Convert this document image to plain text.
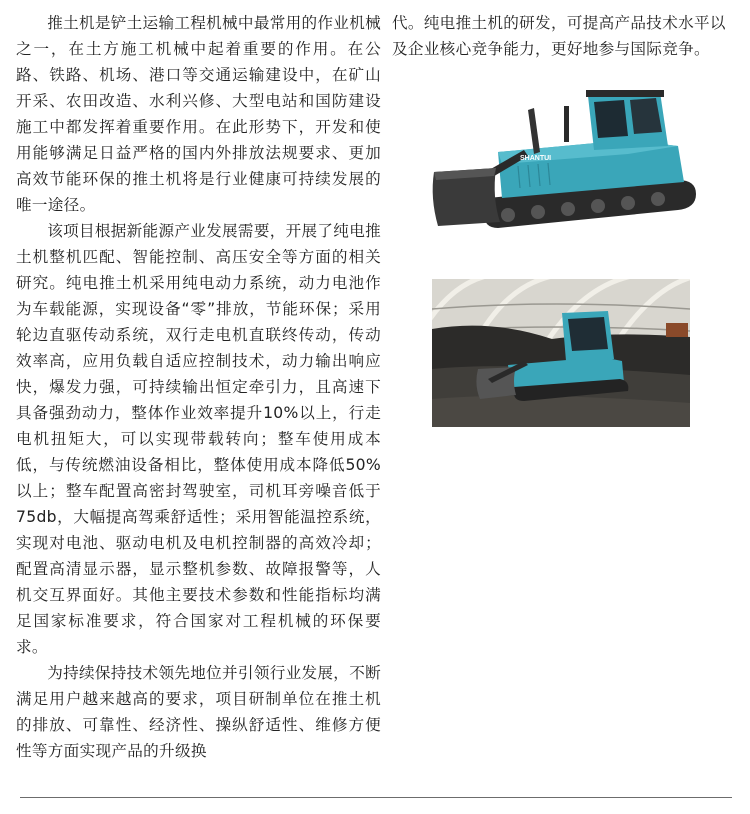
推土机是铲土运输工程机械中最常用的作业机械之一，在土方施工机械中起着重要的作用。在公路、铁路、机场、港口等交通运输建设中，在矿山开采、农田改造、水利兴修、大型电站和国防建设施工中都发挥着重要作用。在此形势下，开发和使用能够满足日益严格的国内外排放法规要求、更加高效节能环保的推土机将是行业健康可持续发展的唯一途径。

该项目根据新能源产业发展需要，开展了纯电推土机整机匹配、智能控制、高压安全等方面的相关研究。纯电推土机采用纯电动力系统，动力电池作为车载能源，实现设备“零”排放，节能环保；采用轮边直驱传动系统，双行走电机直联终传动，传动效率高，应用负载自适应控制技术，动力输出响应快，爆发力强，可持续输出恒定牵引力，且高速下具备强劲动力，整体作业效率提升10%以上，行走电机扭矩大，可以实现带载转向；整车使用成本低，与传统燃油设备相比，整体使用成本降低50%以上；整车配置高密封驾驶室，司机耳旁噪音低于75db，大幅提高驾乘舒适性；采用智能温控系统，实现对电池、驱动电机及电机控制器的高效冷却；配置高清显示器，显示整机参数、故障报警等，人机交互界面好。其他主要技术参数和性能指标均满足国家标准要求，符合国家对工程机械的环保要求。

为持续保持技术领先地位并引领行业发展，不断满足用户越来越高的要求，项目研制单位在推土机的排放、可靠性、经济性、操纵舒适性、维修方便性等方面实现产品的升级换

代。纯电推土机的研发，可提高产品技术水平以及企业核心竞争能力，更好地参与国际竞争。

SHANTUI
